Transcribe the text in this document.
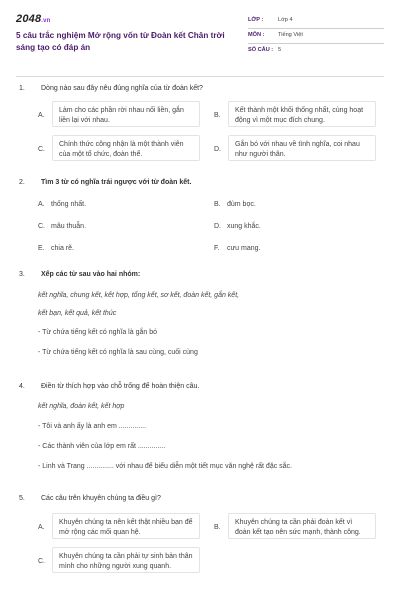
2048.vn
5 câu trắc nghiệm Mở rộng vốn từ Đoàn kết Chân trời sáng tạo có đáp án
LỚP :	Lớp 4
MÔN :	Tiếng Việt
SỐ CÂU : 5
1.	Dòng nào sau đây nêu đúng nghĩa của từ đoàn kết?
A.
Làm cho các phần rời nhau nối liền, gắn liền lại với nhau.
B.
Kết thành một khối thống nhất, cùng hoạt động vì một mục đích chung.
C.
Chính thức công nhận là một thành viên của một tổ chức, đoàn thể.
D.
Gắn bó với nhau về tình nghĩa, coi nhau như người thân.
2.	Tìm 3 từ có nghĩa trái ngược với từ đoàn kết.
A. thống nhất.	B. đùm bọc.
C. mâu thuẫn.	D. xung khắc.
E. chia rẽ.	F.	cưu mang.
3.	Xếp các từ sau vào hai nhóm:
kết nghĩa, chung kết, kết hợp, tổng kết, sơ kết, đoàn kết, gắn kết,
kết bạn, kết quả, kết thúc
- Từ chứa tiếng kết có nghĩa là gắn bó
- Từ chứa tiếng kết có nghĩa là sau cùng, cuối cùng
4.	Điền từ thích hợp vào chỗ trống để hoàn thiện câu.
kết nghĩa, đoàn kết, kết hợp
- Tôi và anh ấy là anh em ..............
- Các thành viên của lớp em rất ..............
- Linh và Trang .............. với nhau để biểu diễn một tiết mục văn nghệ rất đặc sắc.
5.	Các câu trên khuyên chúng ta điều gì?
A.
Khuyên chúng ta nên kết thật nhiều bạn để mở rộng các mối quan hệ.
B.
Khuyên chúng ta cần phải đoàn kết vì đoàn kết tạo nên sức mạnh, thành công.
C.
Khuyên chúng ta cần phải tự sinh bản thân mình cho những người xung quanh.
